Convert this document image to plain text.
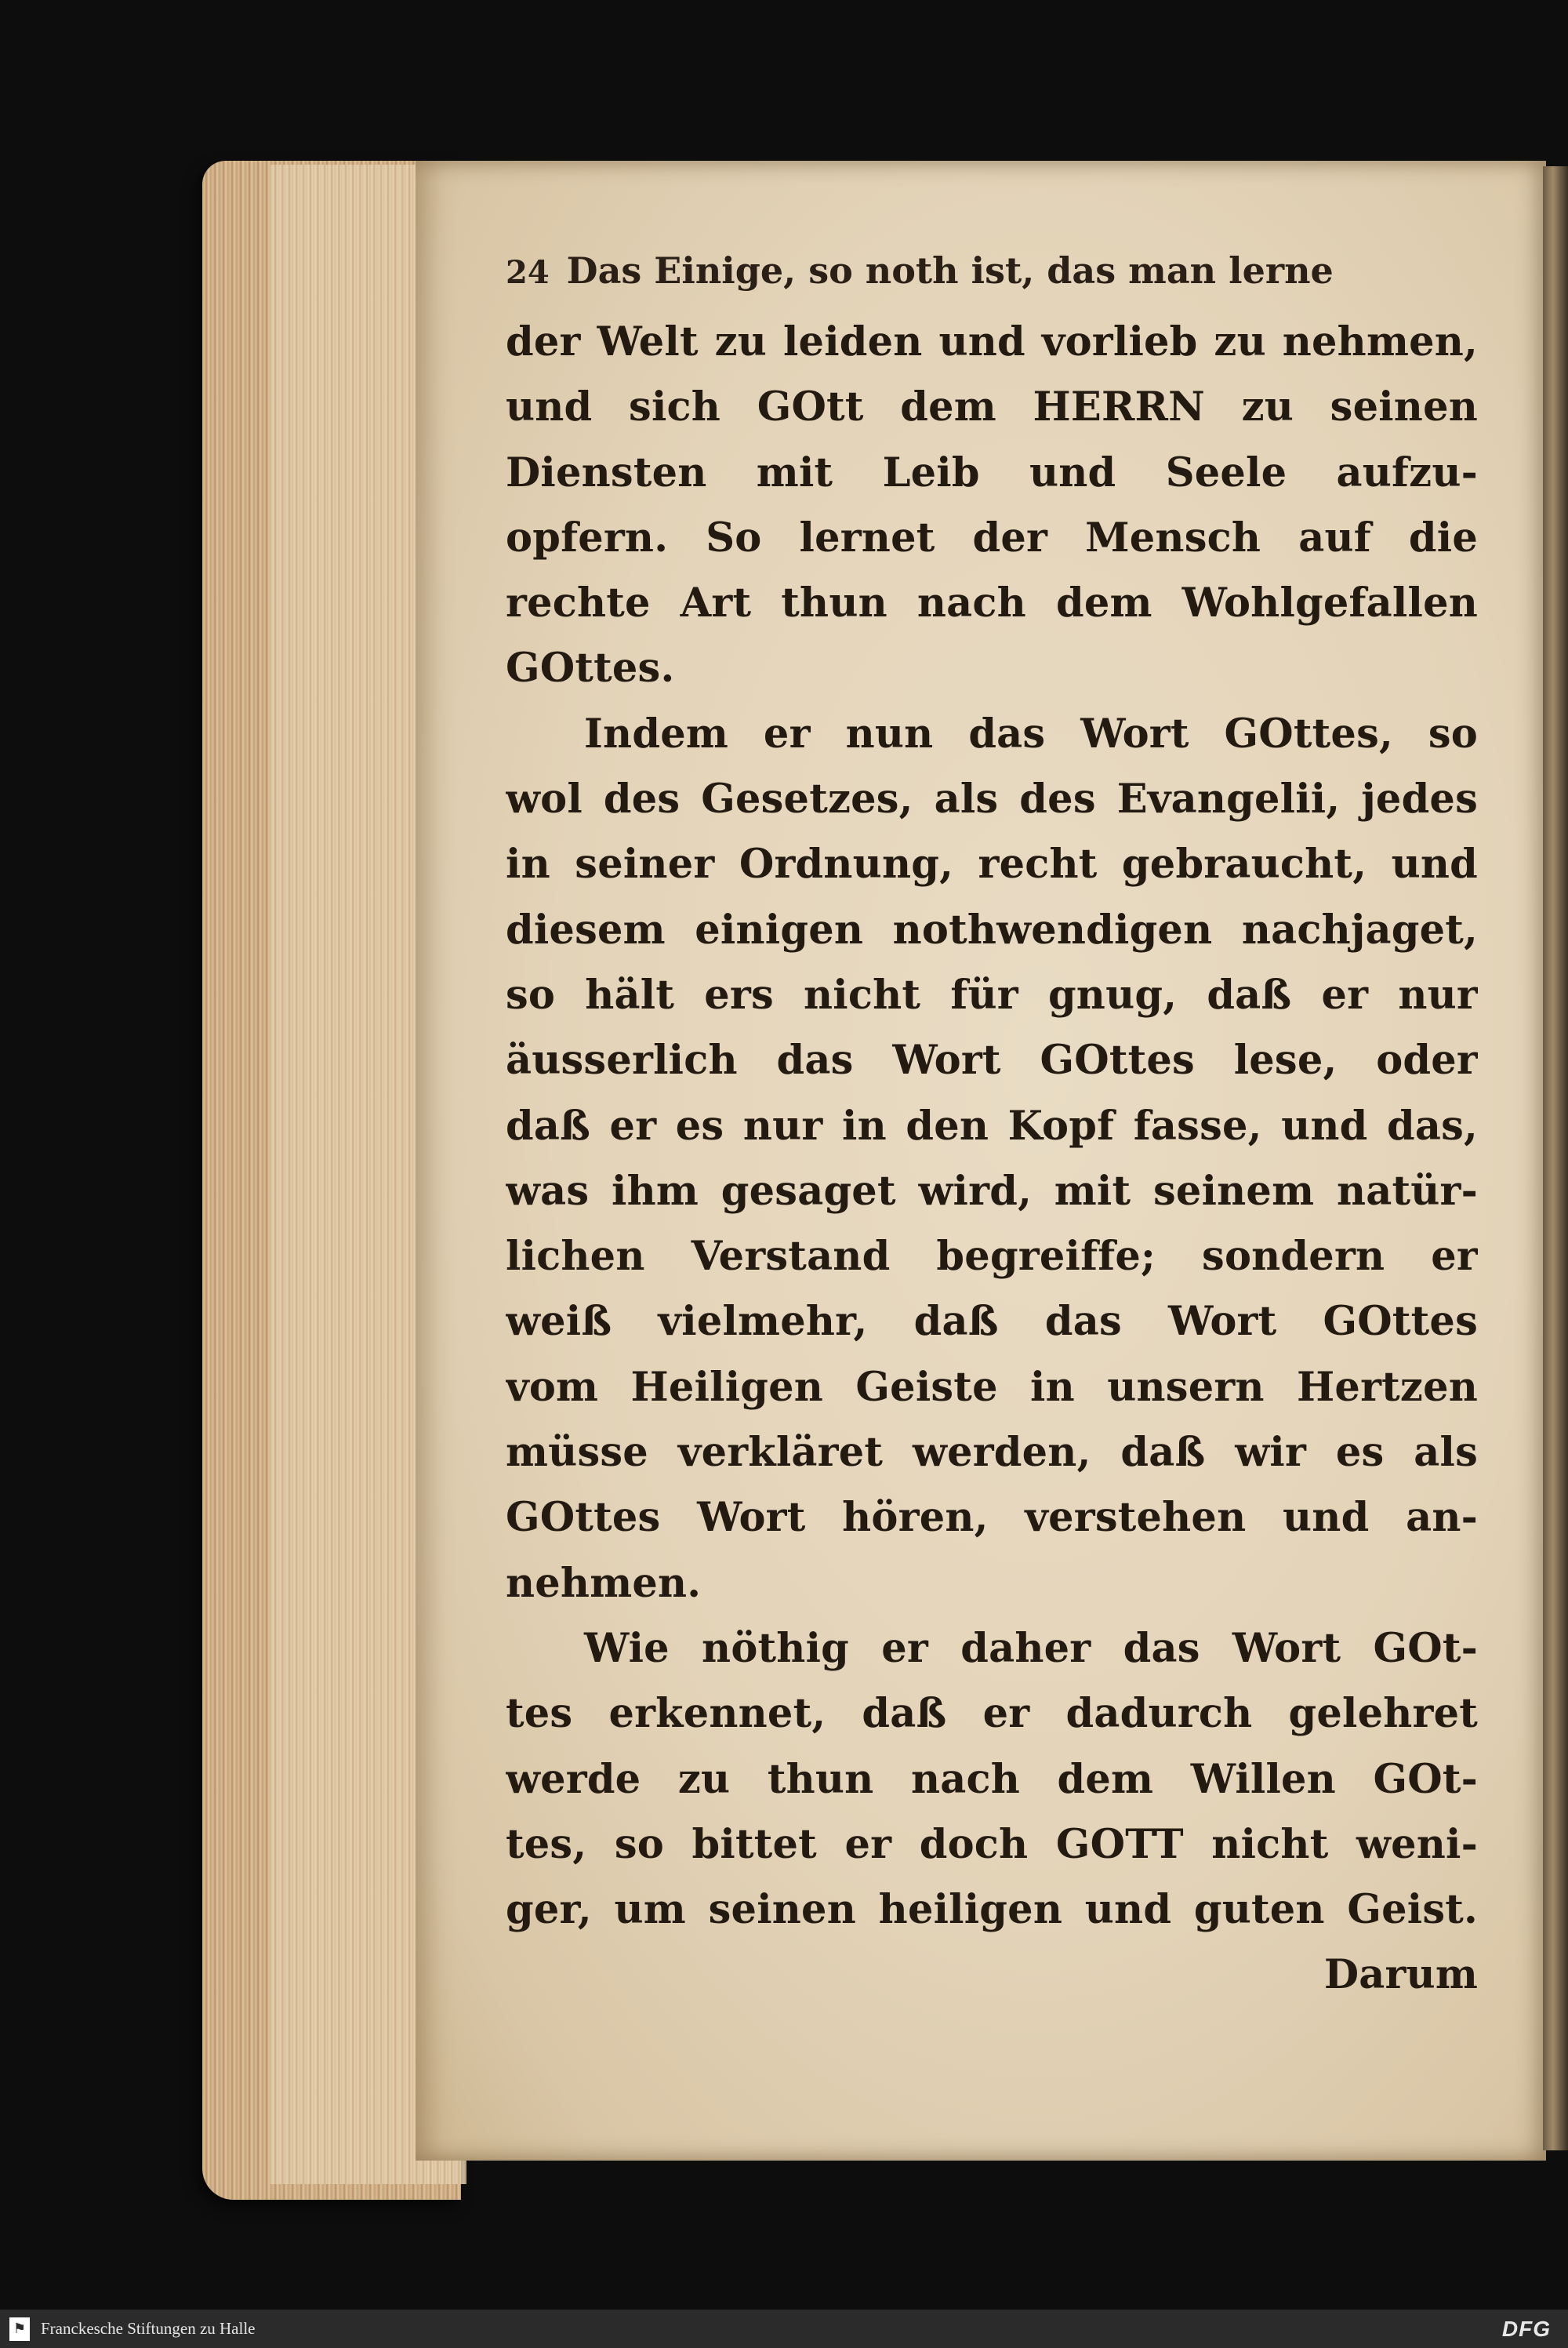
24 Das Einige, so noth ist, das man lerne
der Welt zu leiden und vorlieb zu nehmen,
und sich GOtt dem HERRN zu seinen
Diensten mit Leib und Seele aufzu-
opfern. So lernet der Mensch auf die
rechte Art thun nach dem Wohlgefallen
GOttes.
Indem er nun das Wort GOttes, so
wol des Gesetzes, als des Evangelii, jedes
in seiner Ordnung, recht gebraucht, und
diesem einigen nothwendigen nachjaget,
so hält ers nicht für gnug, daß er nur
äusserlich das Wort GOttes lese, oder
daß er es nur in den Kopf fasse, und das,
was ihm gesaget wird, mit seinem natür-
lichen Verstand begreiffe; sondern er
weiß vielmehr, daß das Wort GOttes
vom Heiligen Geiste in unsern Hertzen
müsse verkläret werden, daß wir es als
GOttes Wort hören, verstehen und an-
nehmen.
Wie nöthig er daher das Wort GOt-
tes erkennet, daß er dadurch gelehret
werde zu thun nach dem Willen GOt-
tes, so bittet er doch GOTT nicht weni-
ger, um seinen heiligen und guten Geist.
Darum
⚑ Franckesche Stiftungen zu Halle	DFG
